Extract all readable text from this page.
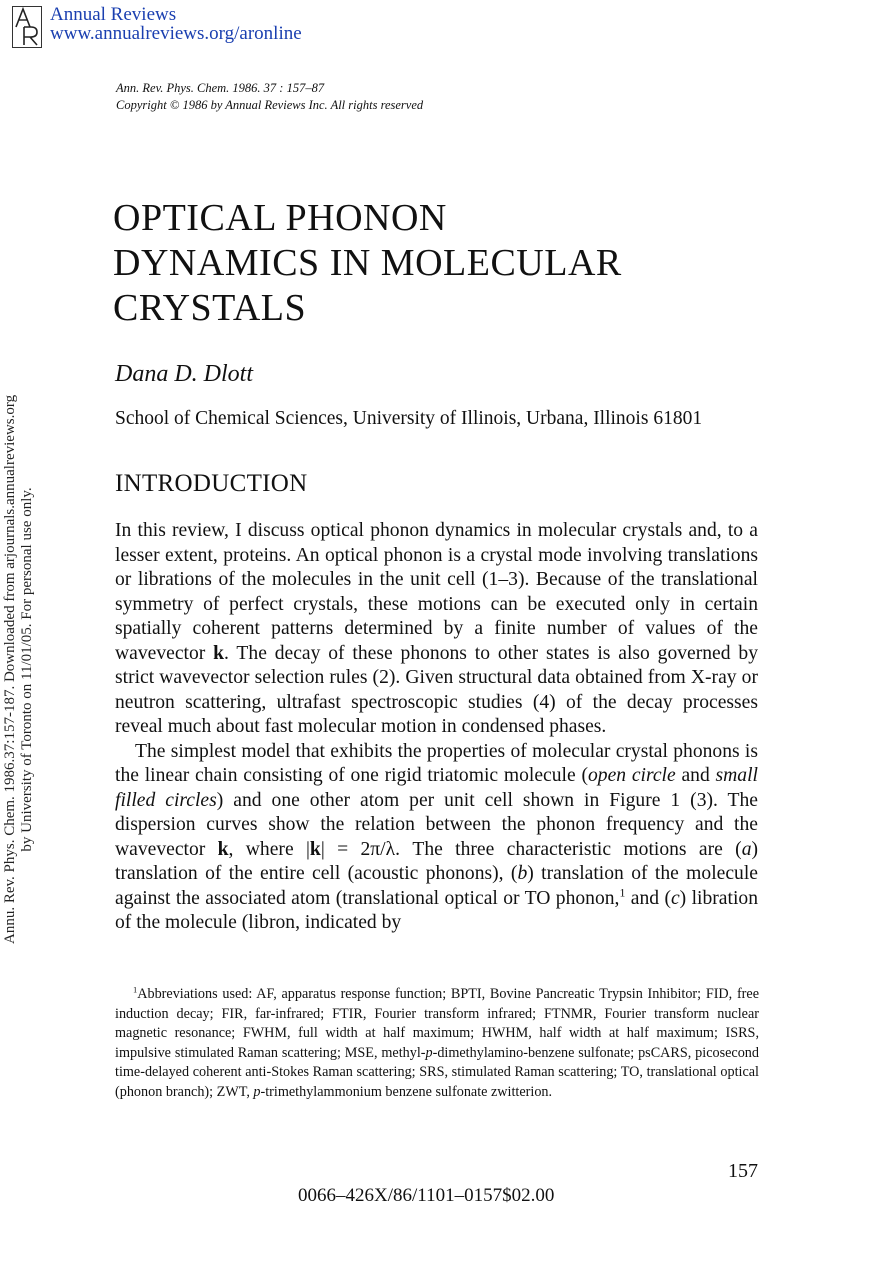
Annual Reviews
www.annualreviews.org/aronline
Ann. Rev. Phys. Chem. 1986. 37 : 157–87
Copyright © 1986 by Annual Reviews Inc. All rights reserved
Annu. Rev. Phys. Chem. 1986.37:157-187. Downloaded from arjournals.annualreviews.org by University of Toronto on 11/01/05. For personal use only.
OPTICAL PHONON
DYNAMICS IN MOLECULAR
CRYSTALS
Dana D. Dlott
School of Chemical Sciences, University of Illinois, Urbana, Illinois 61801
INTRODUCTION

In this review, I discuss optical phonon dynamics in molecular crystals and, to a lesser extent, proteins. An optical phonon is a crystal mode involving translations or librations of the molecules in the unit cell (1–3). Because of the translational symmetry of perfect crystals, these motions can be executed only in certain spatially coherent patterns determined by a finite number of values of the wavevector k. The decay of these phonons to other states is also governed by strict wavevector selection rules (2). Given structural data obtained from X-ray or neutron scattering, ultrafast spectroscopic studies (4) of the decay processes reveal much about fast molecular motion in condensed phases.

The simplest model that exhibits the properties of molecular crystal phonons is the linear chain consisting of one rigid triatomic molecule (open circle and small filled circles) and one other atom per unit cell shown in Figure 1 (3). The dispersion curves show the relation between the phonon frequency and the wavevector k, where |k| = 2π/λ. The three characteristic motions are (a) translation of the entire cell (acoustic phonons), (b) translation of the molecule against the associated atom (translational optical or TO phonon,$^1$ and (c) libration of the molecule (libron, indicated by

$^1$Abbreviations used: AF, apparatus response function; BPTI, Bovine Pancreatic Trypsin Inhibitor; FID, free induction decay; FIR, far-infrared; FTIR, Fourier transform infrared; FTNMR, Fourier transform nuclear magnetic resonance; FWHM, full width at half maximum; HWHM, half width at half maximum; ISRS, impulsive stimulated Raman scattering; MSE, methyl-p-dimethylamino-benzene sulfonate; psCARS, picosecond time-delayed coherent anti-Stokes Raman scattering; SRS, stimulated Raman scattering; TO, translational optical (phonon branch); ZWT, p-trimethylammonium benzene sulfonate zwitterion.

157
0066–426X/86/1101–0157$02.00
